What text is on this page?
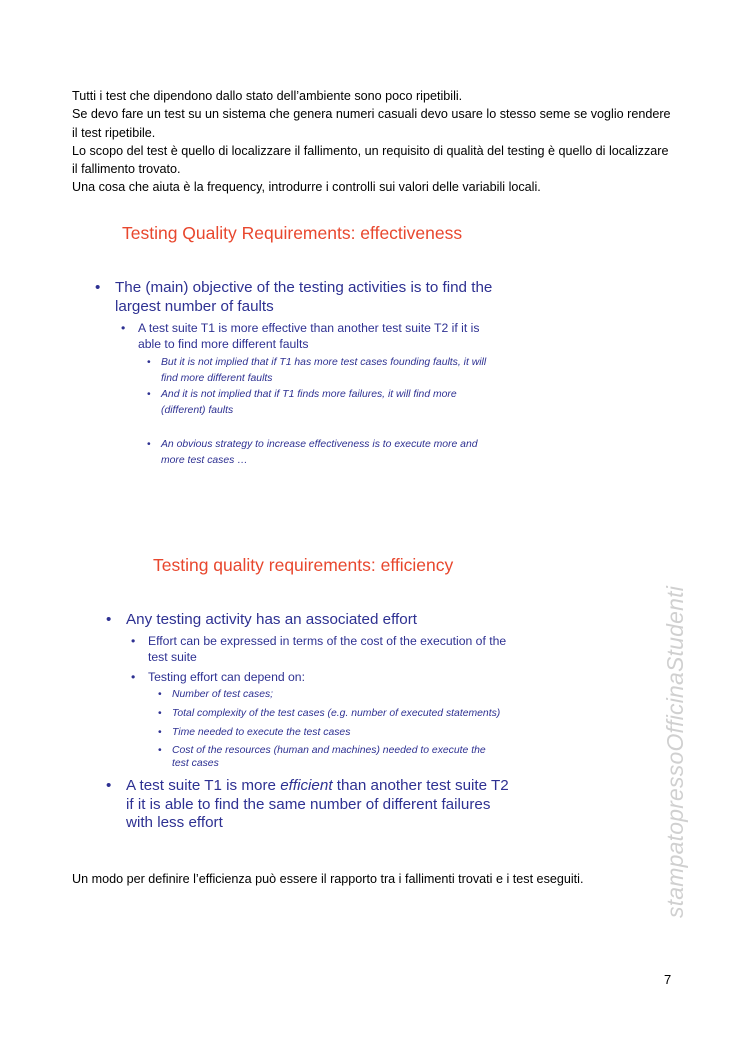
Tutti i test che dipendono dallo stato dell’ambiente sono poco ripetibili.

Se devo fare un test su un sistema che genera numeri casuali devo usare lo stesso seme se voglio rendere il test ripetibile.

Lo scopo del test è quello di localizzare il fallimento, un requisito di qualità del testing è quello di localizzare il fallimento trovato.

Una cosa che aiuta è la frequency, introdurre i controlli sui valori delle variabili locali.

Testing Quality Requirements: effectiveness
• The (main) objective of the testing activities is to find the
largest number of faults
• A test suite T1 is more effective than another test suite T2 if it is
able to find more different faults
• But it is not implied that if T1 has more test cases founding faults, it will
find more different faults
• And it is not implied that if T1 finds more failures, it will find more
(different) faults
• An obvious strategy to increase effectiveness is to execute more and
more test cases …
Testing quality requirements: efficiency
• Any testing activity has an associated effort
• Effort can be expressed in terms of the cost of the execution of the
test suite
• Testing effort can depend on:
• Number of test cases;
• Total complexity of the test cases (e.g. number of executed statements)
• Time needed to execute the test cases
• Cost of the resources (human and machines) needed to execute the
test cases
• A test suite T1 is more efficient than another test suite T2
if it is able to find the same number of different failures
with less effort
Un modo per definire l’efficienza può essere il rapporto tra i fallimenti trovati e i test eseguiti.
7
stampatopressoOfficinaStudenti
